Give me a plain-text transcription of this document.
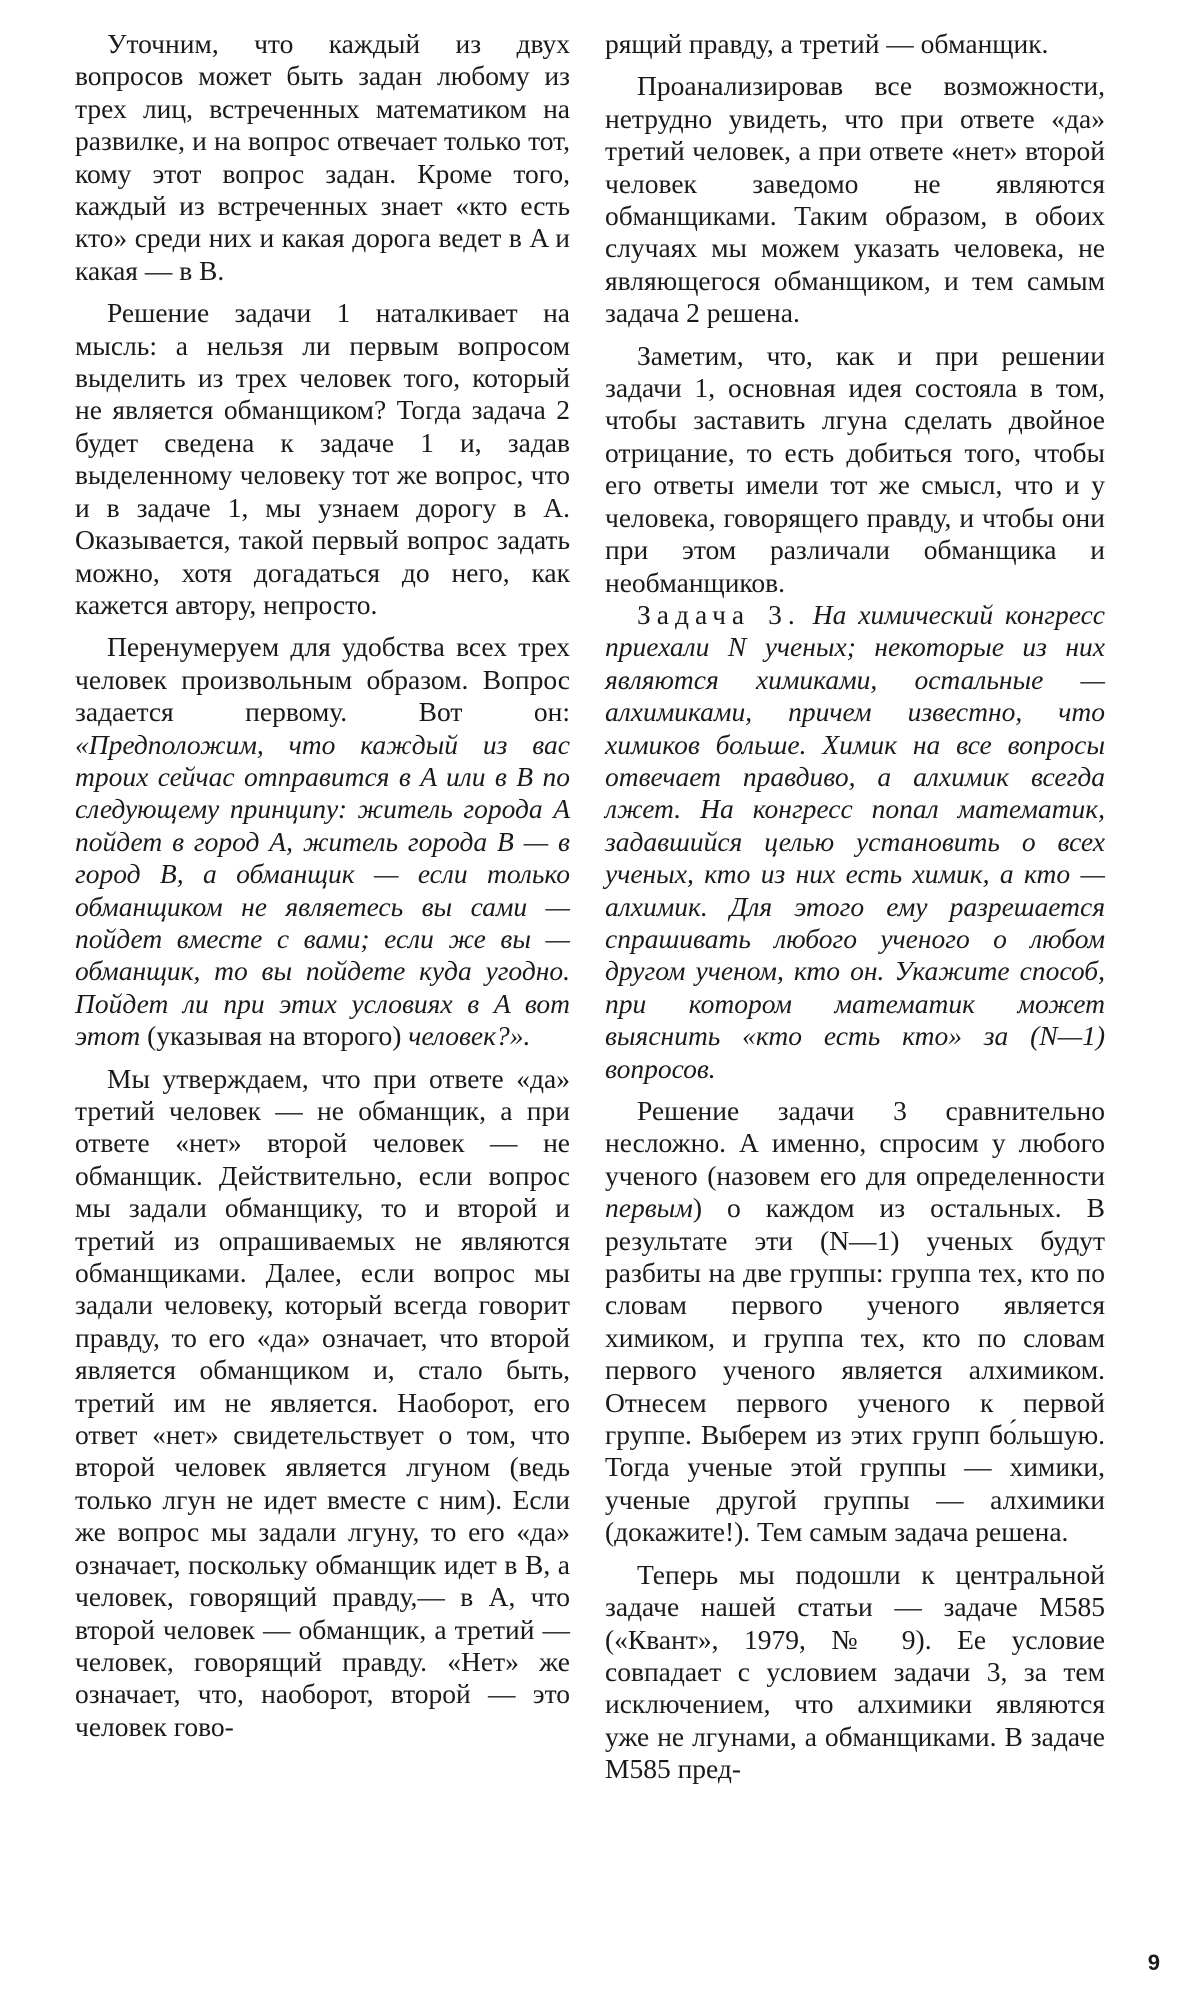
Уточним, что каждый из двух вопросов может быть задан любому из трех лиц, встреченных математиком на развилке, и на вопрос отвечает только тот, кому этот вопрос задан. Кроме того, каждый из встреченных знает «кто есть кто» среди них и какая дорога ведет в A и какая — в B.

Решение задачи 1 наталкивает на мысль: а нельзя ли первым вопросом выделить из трех человек того, который не является обманщиком? Тогда задача 2 будет сведена к задаче 1 и, задав выделенному человеку тот же вопрос, что и в задаче 1, мы узнаем дорогу в A. Оказывается, такой первый вопрос задать можно, хотя догадаться до него, как кажется автору, непросто.

Перенумеруем для удобства всех трех человек произвольным образом. Вопрос задается первому. Вот он: «Предположим, что каждый из вас троих сейчас отправится в A или в B по следующему принципу: житель города A пойдет в город A, житель города B — в город B, а обманщик — если только обманщиком не являетесь вы сами — пойдет вместе с вами; если же вы — обманщик, то вы пойдете куда угодно. Пойдет ли при этих условиях в A вот этот (указывая на второго) человек?».

Мы утверждаем, что при ответе «да» третий человек — не обманщик, а при ответе «нет» второй человек — не обманщик. Действительно, если вопрос мы задали обманщику, то и второй и третий из опрашиваемых не являются обманщиками. Далее, если вопрос мы задали человеку, который всегда говорит правду, то его «да» означает, что второй является обманщиком и, стало быть, третий им не является. Наоборот, его ответ «нет» свидетельствует о том, что второй человек является лгуном (ведь только лгун не идет вместе с ним). Если же вопрос мы задали лгуну, то его «да» означает, поскольку обманщик идет в B, а человек, говорящий правду,— в A, что второй человек — обманщик, а третий — человек, говорящий правду. «Нет» же означает, что, наоборот, второй — это человек гово-

рящий правду, а третий — обманщик.

Проанализировав все возможности, нетрудно увидеть, что при ответе «да» третий человек, а при ответе «нет» второй человек заведомо не являются обманщиками. Таким образом, в обоих случаях мы можем указать человека, не являющегося обманщиком, и тем самым задача 2 решена.

Заметим, что, как и при решении задачи 1, основная идея состояла в том, чтобы заставить лгуна сделать двойное отрицание, то есть добиться того, чтобы его ответы имели тот же смысл, что и у человека, говорящего правду, и чтобы они при этом различали обманщика и необманщиков.

Задача 3. На химический конгресс приехали N ученых; некоторые из них являются химиками, остальные — алхимиками, причем известно, что химиков больше. Химик на все вопросы отвечает правдиво, а алхимик всегда лжет. На конгресс попал математик, задавшийся целью установить о всех ученых, кто из них есть химик, а кто — алхимик. Для этого ему разрешается спрашивать любого ученого о любом другом ученом, кто он. Укажите способ, при котором математик может выяснить «кто есть кто» за (N—1) вопросов.

Решение задачи 3 сравнительно несложно. А именно, спросим у любого ученого (назовем его для определенности первым) о каждом из остальных. В результате эти (N—1) ученых будут разбиты на две группы: группа тех, кто по словам первого ученого является химиком, и группа тех, кто по словам первого ученого является алхимиком. Отнесем первого ученого к первой группе. Выберем из этих групп бо́льшую. Тогда ученые этой группы — химики, ученые другой группы — алхимики (докажите!). Тем самым задача решена.

Теперь мы подошли к центральной задаче нашей статьи — задаче М585 («Квант», 1979, № 9). Ее условие совпадает с условием задачи 3, за тем исключением, что алхимики являются уже не лгунами, а обманщиками. В задаче М585 пред-

9
